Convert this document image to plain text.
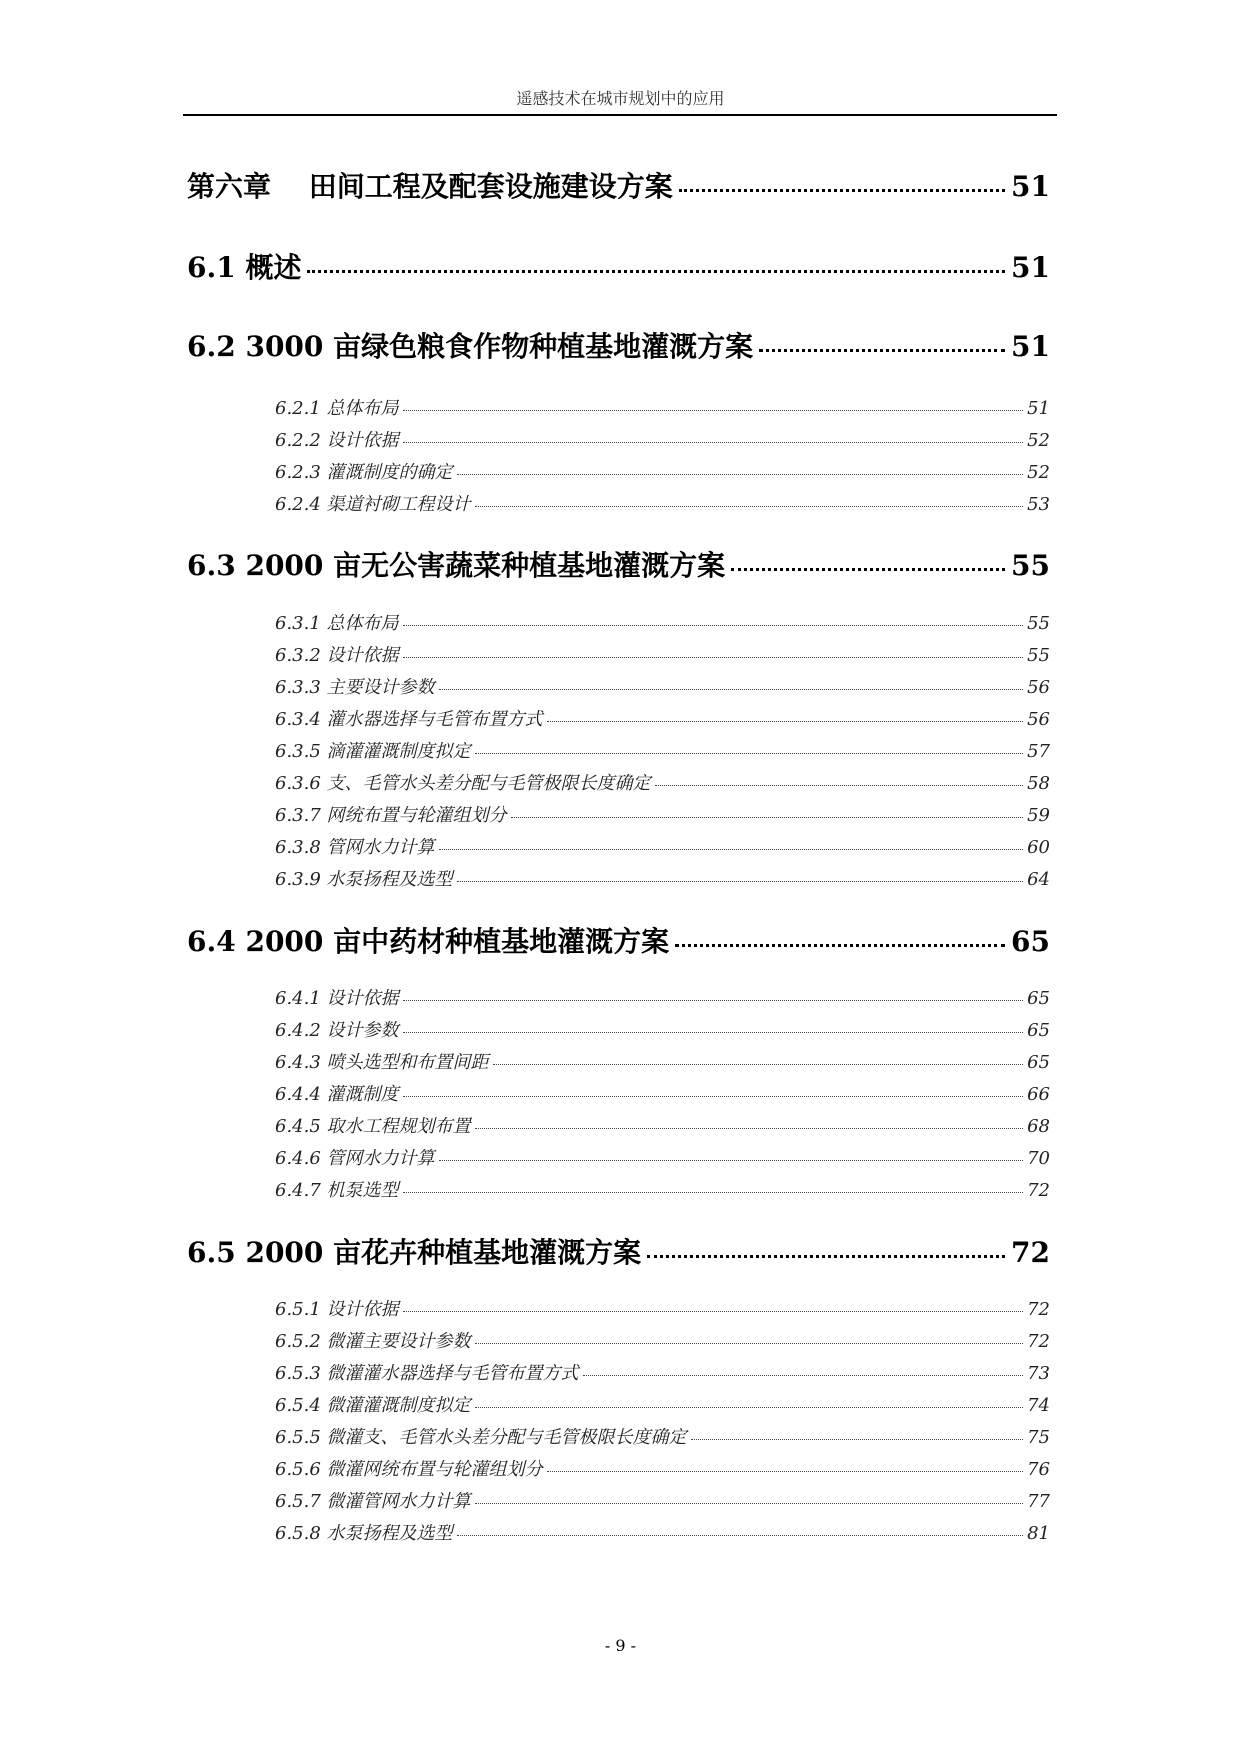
遥感技术在城市规划中的应用
第六章　 田间工程及配套设施建设方案	51
6.1 概述	51
6.2 3000 亩绿色粮食作物种植基地灌溉方案	51
6.2.1 总体布局	51
6.2.2 设计依据	52
6.2.3 灌溉制度的确定	52
6.2.4 渠道衬砌工程设计	53
6.3 2000 亩无公害蔬菜种植基地灌溉方案	55
6.3.1 总体布局	55
6.3.2 设计依据	55
6.3.3 主要设计参数	56
6.3.4 灌水器选择与毛管布置方式	56
6.3.5 滴灌灌溉制度拟定	57
6.3.6 支、毛管水头差分配与毛管极限长度确定	58
6.3.7 网统布置与轮灌组划分	59
6.3.8 管网水力计算	60
6.3.9 水泵扬程及选型	64
6.4 2000 亩中药材种植基地灌溉方案	65
6.4.1 设计依据	65
6.4.2 设计参数	65
6.4.3 喷头选型和布置间距	65
6.4.4 灌溉制度	66
6.4.5 取水工程规划布置	68
6.4.6 管网水力计算	70
6.4.7 机泵选型	72
6.5 2000 亩花卉种植基地灌溉方案	72
6.5.1 设计依据	72
6.5.2 微灌主要设计参数	72
6.5.3 微灌灌水器选择与毛管布置方式	73
6.5.4 微灌灌溉制度拟定	74
6.5.5 微灌支、毛管水头差分配与毛管极限长度确定	75
6.5.6 微灌网统布置与轮灌组划分	76
6.5.7 微灌管网水力计算	77
6.5.8 水泵扬程及选型	81
- 9 -
